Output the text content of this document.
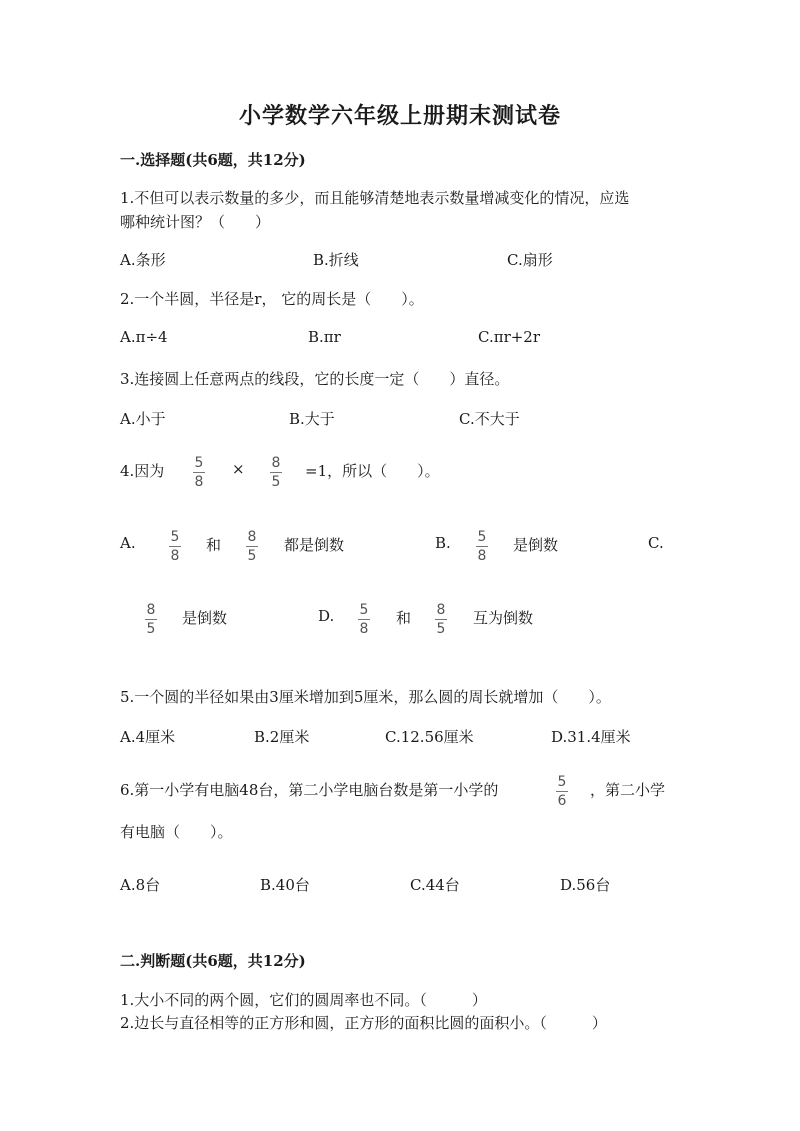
小学数学六年级上册期末测试卷
一.选择题(共6题，共12分)
1.不但可以表示数量的多少，而且能够清楚地表示数量增减变化的情况，应选
哪种统计图？（　　）
A.条形	B.折线	C.扇形
2.一个半圆，半径是r， 它的周长是（　　）。
A.π÷4	B.πr	C.πr+2r
3.连接圆上任意两点的线段，它的长度一定（　　）直径。
A.小于	B.大于	C.不大于
4.因为 5
8
× 8
5
=1，所以（　　）。
A. 5
8
和 8
5
都是倒数	B. 5
8
是倒数	C.
8
5
是倒数	D. 5
8
和 8
5
互为倒数
5.一个圆的半径如果由3厘米增加到5厘米，那么圆的周长就增加（　　）。
A.4厘米	B.2厘米	C.12.56厘米	D.31.4厘米
6.第一小学有电脑48台，第二小学电脑台数是第一小学的	5
6
，第二小学
有电脑（　　）。
A.8台	B.40台	C.44台	D.56台
二.判断题(共6题，共12分)
1.大小不同的两个圆，它们的圆周率也不同。（　　　）
2.边长与直径相等的正方形和圆，正方形的面积比圆的面积小。（　　　）
